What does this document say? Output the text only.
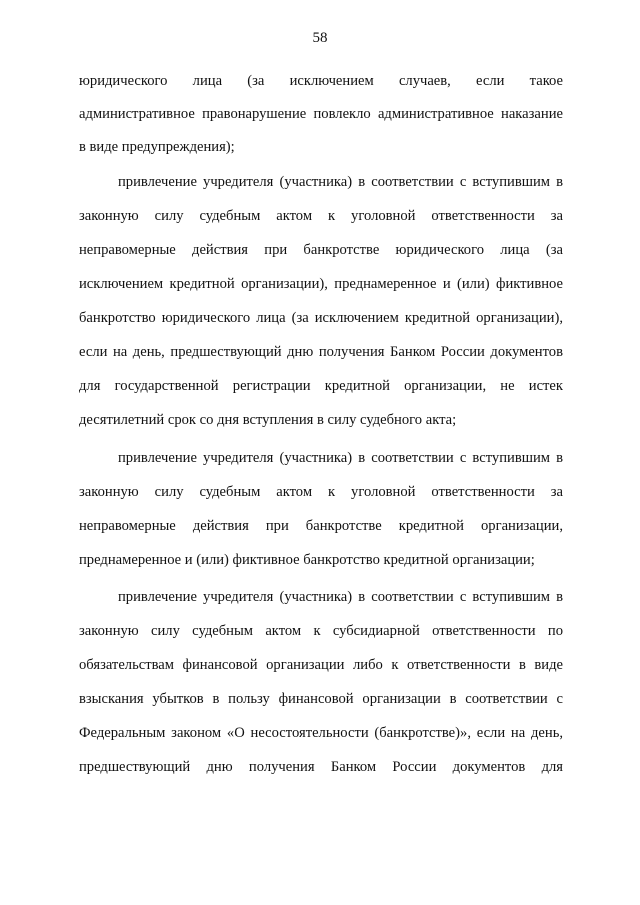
58
юридического лица (за исключением случаев, если такое
административное правонарушение повлекло административное наказание
в виде предупреждения);
привлечение учредителя (участника) в соответствии с вступившим в
законную силу судебным актом к уголовной ответственности за
неправомерные действия при банкротстве юридического лица (за
исключением кредитной организации), преднамеренное и (или) фиктивное
банкротство юридического лица (за исключением кредитной организации),
если на день, предшествующий дню получения Банком России документов
для государственной регистрации кредитной организации, не истек
десятилетний срок со дня вступления в силу судебного акта;
привлечение учредителя (участника) в соответствии с вступившим в
законную силу судебным актом к уголовной ответственности за
неправомерные действия при банкротстве кредитной организации,
преднамеренное и (или) фиктивное банкротство кредитной организации;
привлечение учредителя (участника) в соответствии с вступившим в
законную силу судебным актом к субсидиарной ответственности по
обязательствам финансовой организации либо к ответственности в виде
взыскания убытков в пользу финансовой организации в соответствии с
Федеральным законом «О несостоятельности (банкротстве)», если на день,
предшествующий дню получения Банком России документов для
